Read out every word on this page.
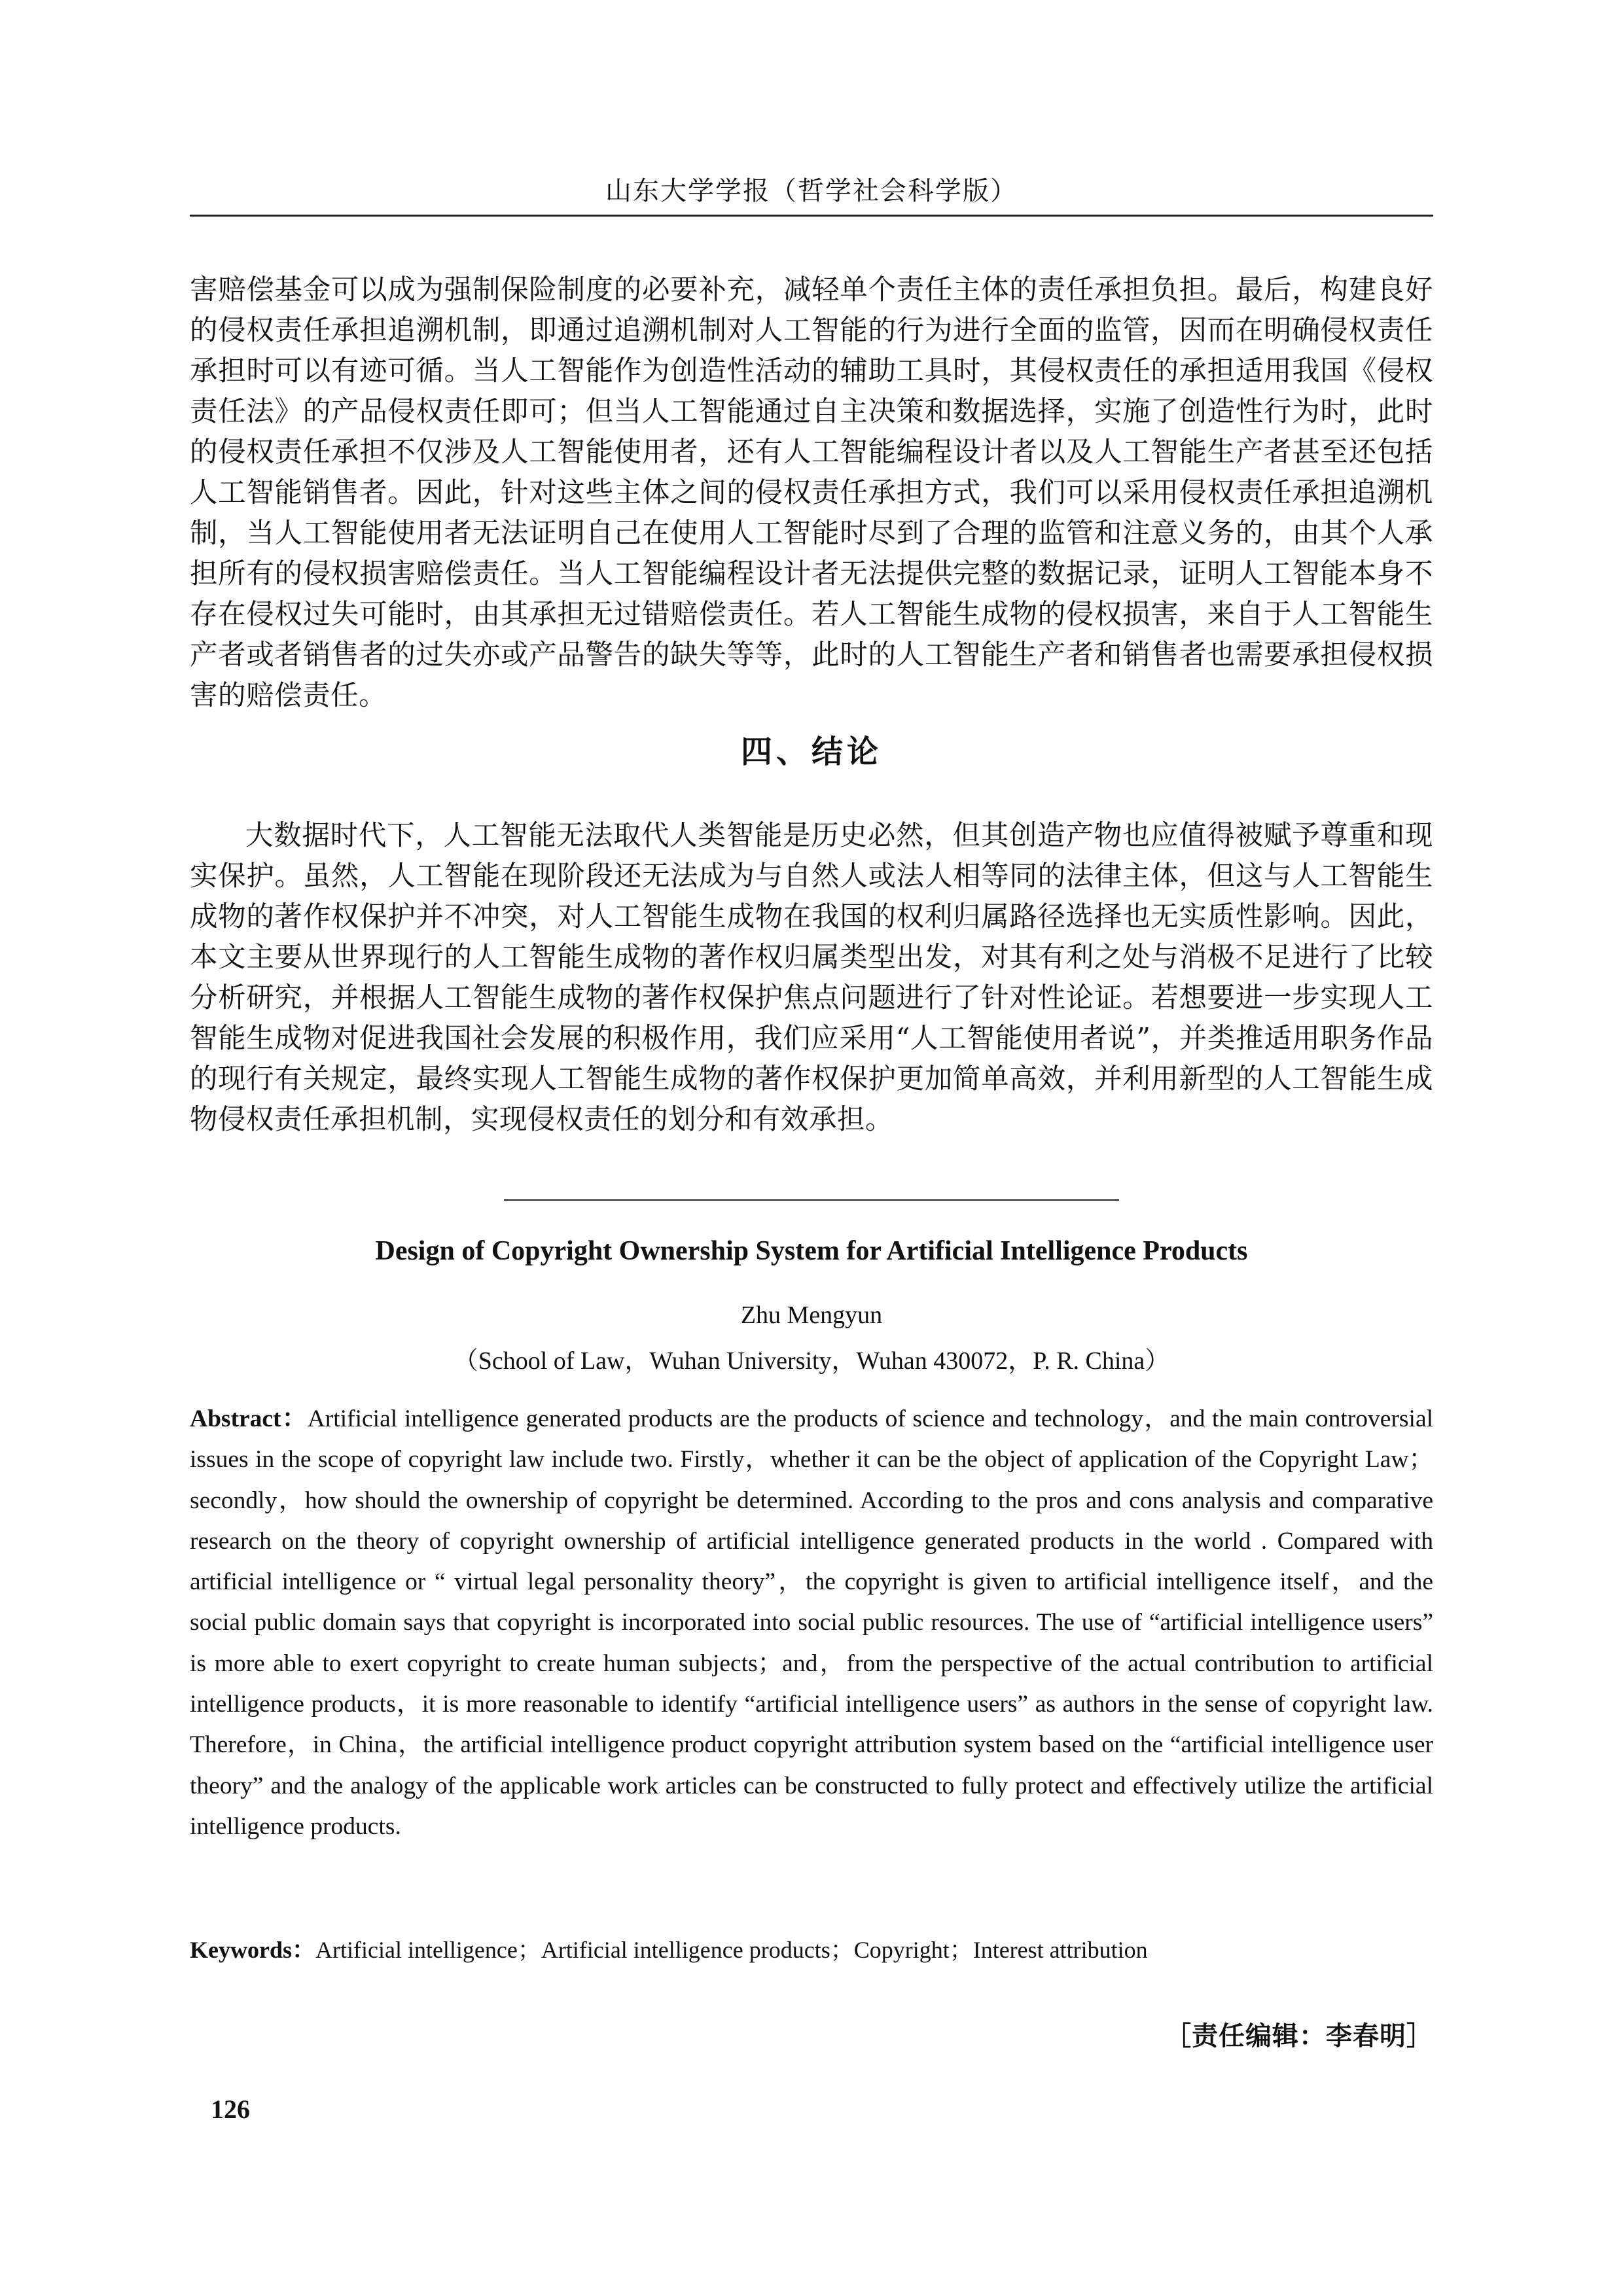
山东大学学报（哲学社会科学版）

害赔偿基金可以成为强制保险制度的必要补充，减轻单个责任主体的责任承担负担。最后，构建良好的侵权责任承担追溯机制，即通过追溯机制对人工智能的行为进行全面的监管，因而在明确侵权责任承担时可以有迹可循。当人工智能作为创造性活动的辅助工具时，其侵权责任的承担适用我国《侵权责任法》的产品侵权责任即可；但当人工智能通过自主决策和数据选择，实施了创造性行为时，此时的侵权责任承担不仅涉及人工智能使用者，还有人工智能编程设计者以及人工智能生产者甚至还包括人工智能销售者。因此，针对这些主体之间的侵权责任承担方式，我们可以采用侵权责任承担追溯机制，当人工智能使用者无法证明自己在使用人工智能时尽到了合理的监管和注意义务的，由其个人承担所有的侵权损害赔偿责任。当人工智能编程设计者无法提供完整的数据记录，证明人工智能本身不存在侵权过失可能时，由其承担无过错赔偿责任。若人工智能生成物的侵权损害，来自于人工智能生产者或者销售者的过失亦或产品警告的缺失等等，此时的人工智能生产者和销售者也需要承担侵权损害的赔偿责任。

四、结论

大数据时代下，人工智能无法取代人类智能是历史必然，但其创造产物也应值得被赋予尊重和现实保护。虽然，人工智能在现阶段还无法成为与自然人或法人相等同的法律主体，但这与人工智能生成物的著作权保护并不冲突，对人工智能生成物在我国的权利归属路径选择也无实质性影响。因此，本文主要从世界现行的人工智能生成物的著作权归属类型出发，对其有利之处与消极不足进行了比较分析研究，并根据人工智能生成物的著作权保护焦点问题进行了针对性论证。若想要进一步实现人工智能生成物对促进我国社会发展的积极作用，我们应采用“人工智能使用者说”，并类推适用职务作品的现行有关规定，最终实现人工智能生成物的著作权保护更加简单高效，并利用新型的人工智能生成物侵权责任承担机制，实现侵权责任的划分和有效承担。

Design of Copyright Ownership System for Artificial Intelligence Products
Zhu Mengyun
（School of Law，Wuhan University，Wuhan 430072，P. R. China）
Abstract：Artificial intelligence generated products are the products of science and technology，and the main controversial issues in the scope of copyright law include two. Firstly，whether it can be the object of application of the Copyright Law；secondly，how should the ownership of copyright be determined. According to the pros and cons analysis and comparative research on the theory of copyright ownership of artificial intelligence generated products in the world . Compared with artificial intelligence or “ virtual legal personality theory”，the copyright is given to artificial intelligence itself，and the social public domain says that copyright is incorporated into social public resources. The use of “artificial intelligence users” is more able to exert copyright to create human subjects；and，from the perspective of the actual contribution to artificial intelligence products，it is more reasonable to identify “artificial intelligence users” as authors in the sense of copyright law. Therefore，in China，the artificial intelligence product copyright attribution system based on the “artificial intelligence user theory” and the analogy of the applicable work articles can be constructed to fully protect and effectively utilize the artificial intelligence products.
Keywords：Artificial intelligence；Artificial intelligence products；Copyright；Interest attribution
［责任编辑：李春明］
126
